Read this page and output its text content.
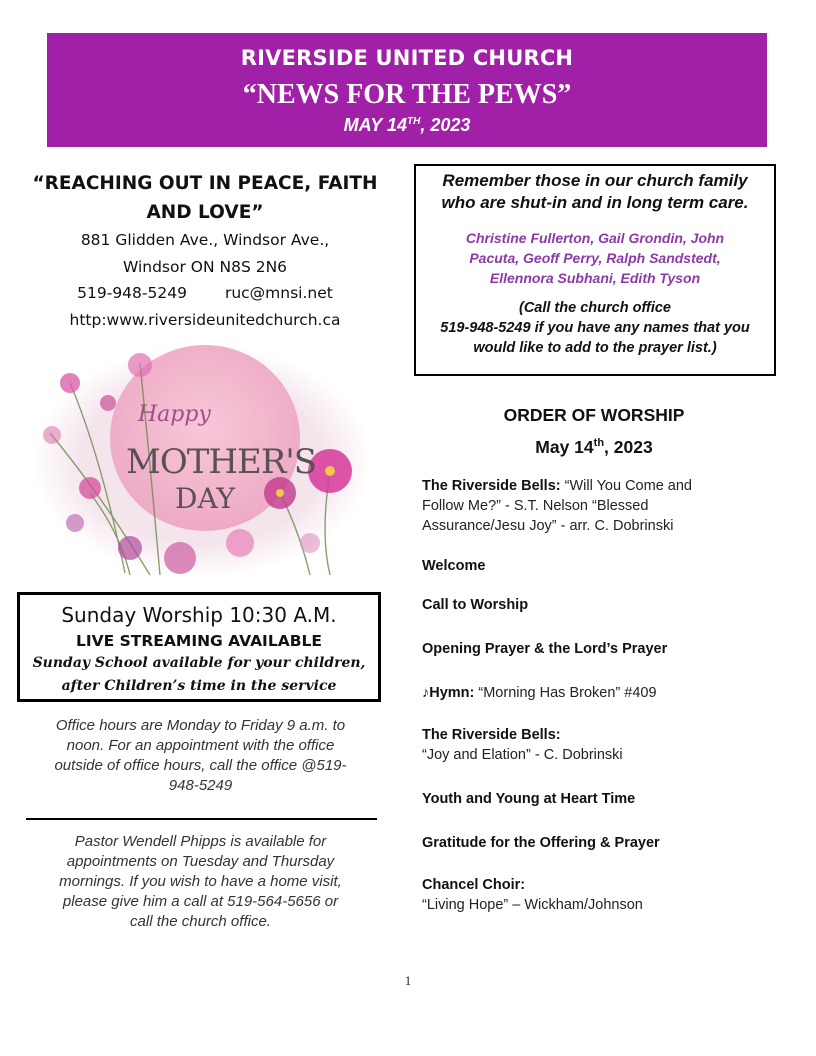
RIVERSIDE UNITED CHURCH
“NEWS FOR THE PEWS”
MAY 14TH, 2023
“REACHING OUT IN PEACE, FAITH
AND LOVE”
881 Glidden Ave., Windsor Ave.,
Windsor ON N8S 2N6
519-948-5249 ruc@mnsi.net
http:www.riversideunitedchurch.ca
Happy
MOTHER'S
DAY
Sunday Worship 10:30 A.M.
LIVE STREAMING AVAILABLE
Sunday School available for your children,
after Children’s time in the service
Office hours are Monday to Friday 9 a.m. to
noon. For an appointment with the office
outside of office hours, call the office @519-
948-5249
Pastor Wendell Phipps is available for
appointments on Tuesday and Thursday
mornings. If you wish to have a home visit,
please give him a call at 519-564-5656 or
call the church office.
Remember those in our church family
who are shut-in and in long term care.
Christine Fullerton, Gail Grondin, John
Pacuta, Geoff Perry, Ralph Sandstedt,
Ellennora Subhani, Edith Tyson
(Call the church office
519-948-5249 if you have any names that you
would like to add to the prayer list.)
ORDER OF WORSHIP
May 14th, 2023
The Riverside Bells: “Will You Come and
Follow Me?” - S.T. Nelson “Blessed
Assurance/Jesu Joy” - arr. C. Dobrinski
Welcome
Call to Worship
Opening Prayer & the Lord’s Prayer
♪Hymn: “Morning Has Broken” #409
The Riverside Bells:
“Joy and Elation” - C. Dobrinski
Youth and Young at Heart Time
Gratitude for the Offering & Prayer
Chancel Choir:
“Living Hope” – Wickham/Johnson
1
